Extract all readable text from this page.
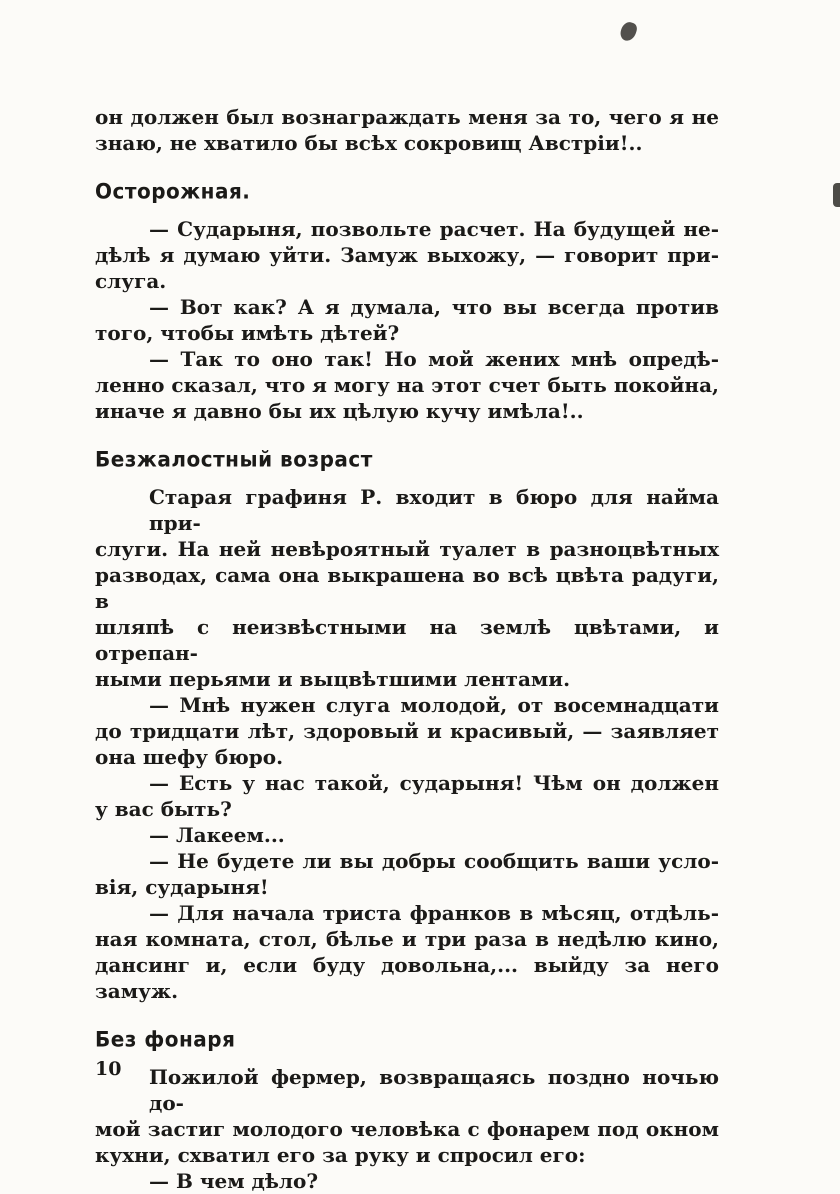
он должен был вознаграждать меня за то, чего я не
знаю, не хватило бы всѣх сокровищ Австріи!..
Осторожная.
— Сударыня, позвольте расчет. На будущей не-
дѣлѣ я думаю уйти. Замуж выхожу, — говорит при-
слуга.
— Вот как? А я думала, что вы всегда против
того, чтобы имѣть дѣтей?
— Так то оно так! Но мой жених мнѣ опредѣ-
ленно сказал, что я могу на этот счет быть покойна,
иначе я давно бы их цѣлую кучу имѣла!..
Безжалостный возраст
Старая графиня Р. входит в бюро для найма при-
слуги. На ней невѣроятный туалет в разноцвѣтных
разводах, сама она выкрашена во всѣ цвѣта радуги, в
шляпѣ с неизвѣстными на землѣ цвѣтами, и отрепан-
ными перьями и выцвѣтшими лентами.
— Мнѣ нужен слуга молодой, от восемнадцати
до тридцати лѣт, здоровый и красивый, — заявляет
она шефу бюро.
— Есть у нас такой, сударыня! Чѣм он должен
у вас быть?
— Лакеем...
— Не будете ли вы добры сообщить ваши усло-
вія, сударыня!
— Для начала триста франков в мѣсяц, отдѣль-
ная комната, стол, бѣлье и три раза в недѣлю кино,
дансинг и, если буду довольна,... выйду за него замуж.
Без фонаря
Пожилой фермер, возвращаясь поздно ночью до-
мой застиг молодого человѣка с фонарем под окном
кухни, схватил его за руку и спросил его:
— В чем дѣло?
10
